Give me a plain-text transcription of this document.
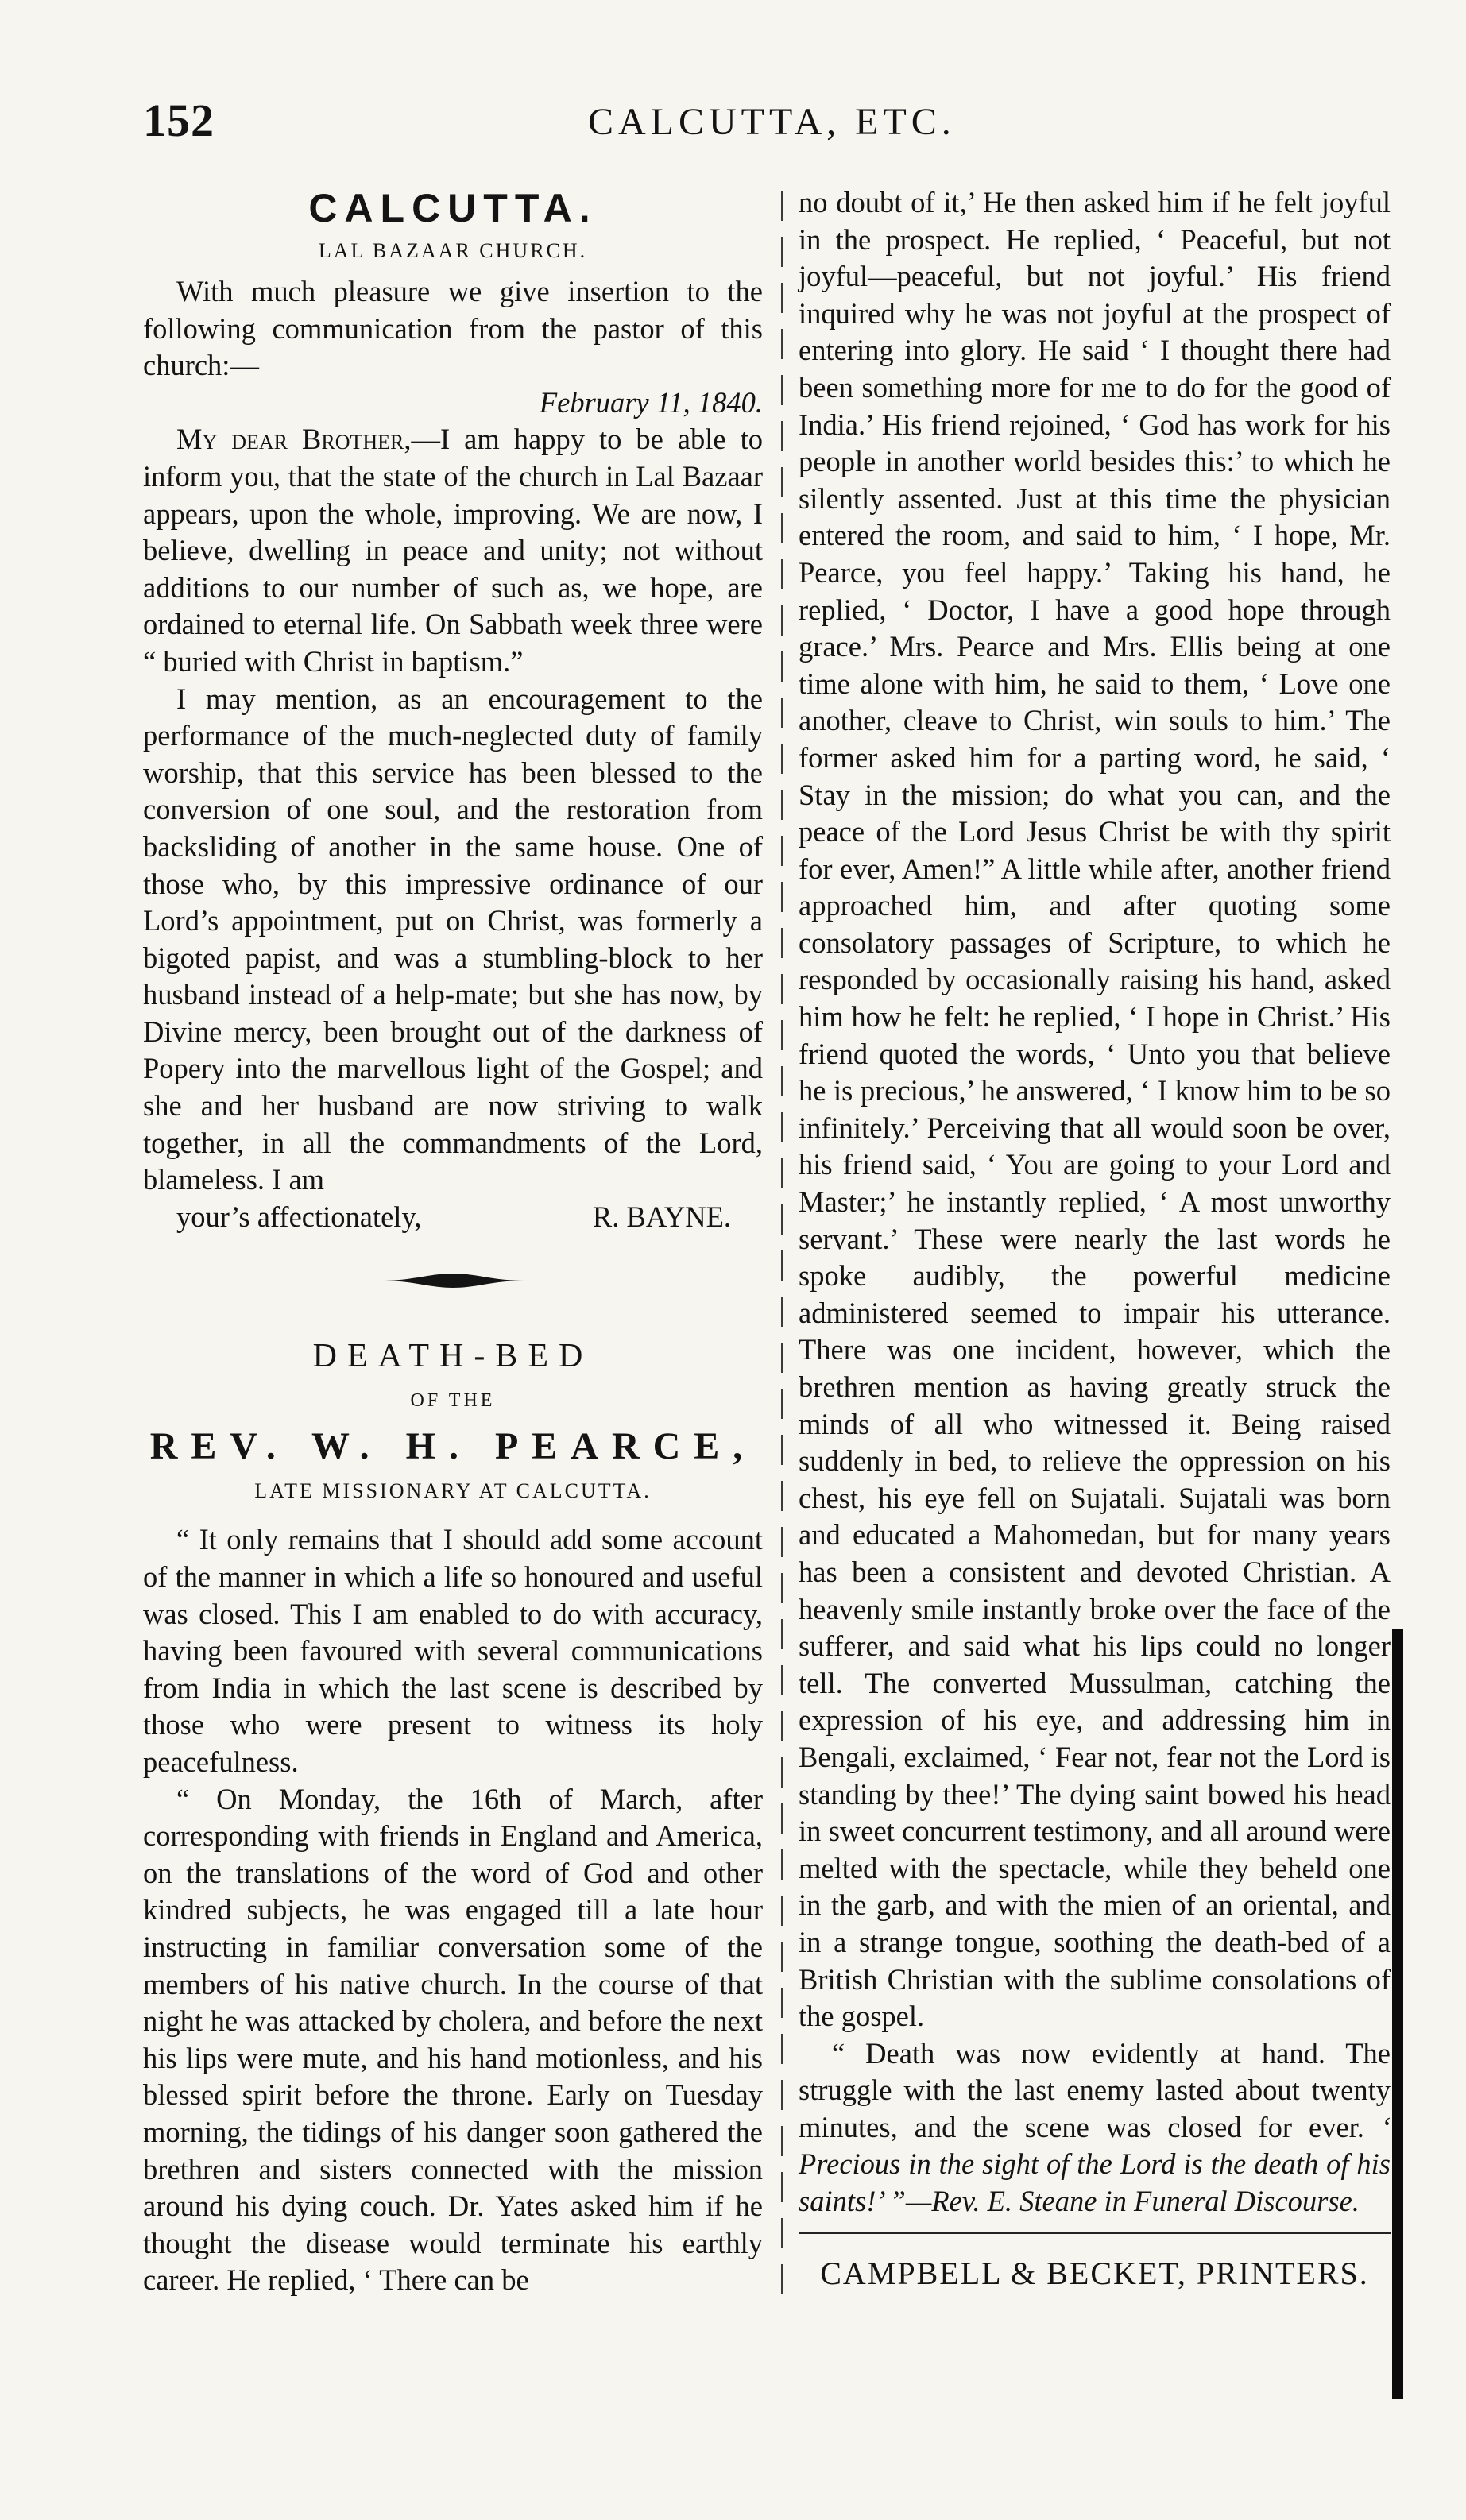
152	CALCUTTA, ETC.
CALCUTTA.
LAL BAZAAR CHURCH.

With much pleasure we give insertion to the following communication from the pastor of this church:—

February 11, 1840.

My dear Brother,—I am happy to be able to inform you, that the state of the church in Lal Bazaar appears, upon the whole, improving. We are now, I believe, dwelling in peace and unity; not without additions to our number of such as, we hope, are ordained to eternal life. On Sabbath week three were “ buried with Christ in baptism.”

I may mention, as an encouragement to the performance of the much-neglected duty of family worship, that this service has been blessed to the conversion of one soul, and the restoration from backsliding of another in the same house. One of those who, by this impressive ordinance of our Lord’s appointment, put on Christ, was formerly a bigoted papist, and was a stumbling-block to her husband instead of a help-mate; but she has now, by Divine mercy, been brought out of the darkness of Popery into the marvellous light of the Gospel; and she and her husband are now striving to walk together, in all the commandments of the Lord, blameless. I am

your’s affectionately,	R. BAYNE.

DEATH-BED
OF THE
REV. W. H. PEARCE,
LATE MISSIONARY AT CALCUTTA.

“ It only remains that I should add some account of the manner in which a life so honoured and useful was closed. This I am enabled to do with accuracy, having been favoured with several communications from India in which the last scene is described by those who were present to witness its holy peacefulness.

“ On Monday, the 16th of March, after corresponding with friends in England and America, on the translations of the word of God and other kindred subjects, he was engaged till a late hour instructing in familiar conversation some of the members of his native church. In the course of that night he was attacked by cholera, and before the next his lips were mute, and his hand motionless, and his blessed spirit before the throne. Early on Tuesday morning, the tidings of his danger soon gathered the brethren and sisters connected with the mission around his dying couch. Dr. Yates asked him if he thought the disease would terminate his earthly career. He replied, ‘ There can be

no doubt of it,’ He then asked him if he felt joyful in the prospect. He replied, ‘ Peaceful, but not joyful—peaceful, but not joyful.’ His friend inquired why he was not joyful at the prospect of entering into glory. He said ‘ I thought there had been something more for me to do for the good of India.’ His friend rejoined, ‘ God has work for his people in another world besides this:’ to which he silently assented. Just at this time the physician entered the room, and said to him, ‘ I hope, Mr. Pearce, you feel happy.’ Taking his hand, he replied, ‘ Doctor, I have a good hope through grace.’ Mrs. Pearce and Mrs. Ellis being at one time alone with him, he said to them, ‘ Love one another, cleave to Christ, win souls to him.’ The former asked him for a parting word, he said, ‘ Stay in the mission; do what you can, and the peace of the Lord Jesus Christ be with thy spirit for ever, Amen!” A little while after, another friend approached him, and after quoting some consolatory passages of Scripture, to which he responded by occasionally raising his hand, asked him how he felt: he replied, ‘ I hope in Christ.’ His friend quoted the words, ‘ Unto you that believe he is precious,’ he answered, ‘ I know him to be so infinitely.’ Perceiving that all would soon be over, his friend said, ‘ You are going to your Lord and Master;’ he instantly replied, ‘ A most unworthy servant.’ These were nearly the last words he spoke audibly, the powerful medicine administered seemed to impair his utterance. There was one incident, however, which the brethren mention as having greatly struck the minds of all who witnessed it. Being raised suddenly in bed, to relieve the oppression on his chest, his eye fell on Sujatali. Sujatali was born and educated a Mahomedan, but for many years has been a consistent and devoted Christian. A heavenly smile instantly broke over the face of the sufferer, and said what his lips could no longer tell. The converted Mussulman, catching the expression of his eye, and addressing him in Bengali, exclaimed, ‘ Fear not, fear not the Lord is standing by thee!’ The dying saint bowed his head in sweet concurrent testimony, and all around were melted with the spectacle, while they beheld one in the garb, and with the mien of an oriental, and in a strange tongue, soothing the death-bed of a British Christian with the sublime consolations of the gospel.

“ Death was now evidently at hand. The struggle with the last enemy lasted about twenty minutes, and the scene was closed for ever. ‘ Precious in the sight of the Lord is the death of his saints!’ ”—Rev. E. Steane in Funeral Discourse.

CAMPBELL & BECKET, PRINTERS.
